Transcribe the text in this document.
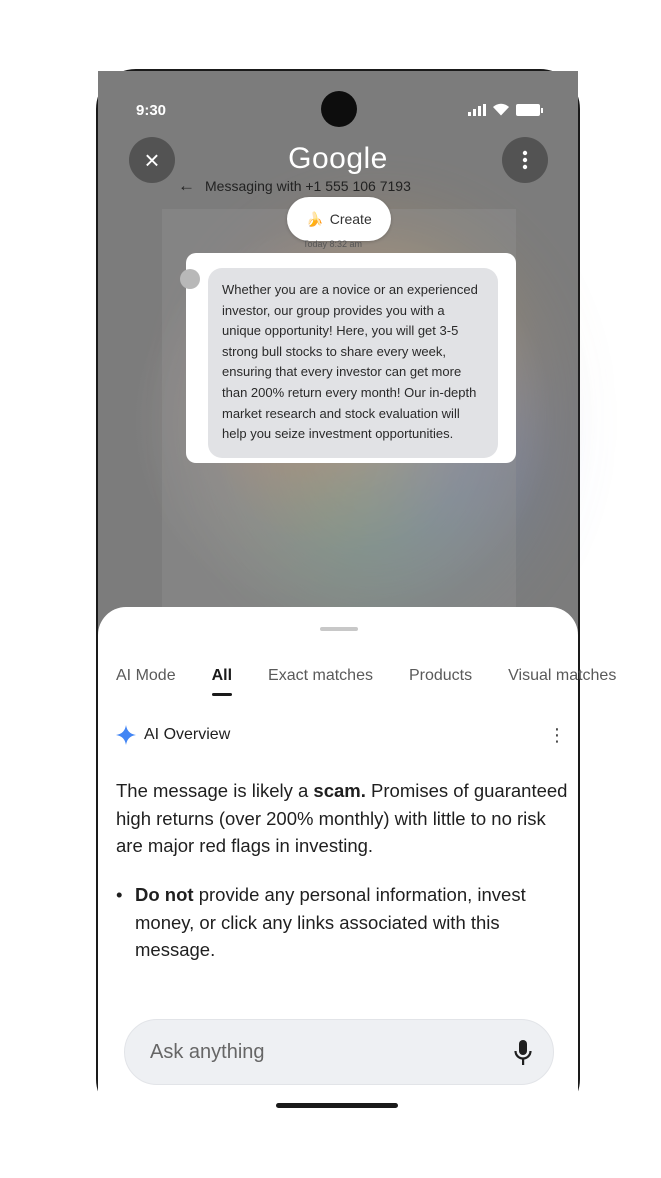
9:30
×	Google
← Messaging with +1 555 106 7193
🍌 Create
Today 8:32 am
Whether you are a novice or an experienced investor, our group provides you with a unique opportunity! Here, you will get 3-5 strong bull stocks to share every week, ensuring that every investor can get more than 200% return every month! Our in-depth market research and stock evaluation will help you seize investment opportunities.
AI Mode All Exact matches Products Visual matches
AI Overview	⋮

The message is likely a scam. Promises of guaranteed high returns (over 200% monthly) with little to no risk are major red flags in investing.

• Do not provide any personal information, invest money, or click any links associated with this message.
Ask anything
